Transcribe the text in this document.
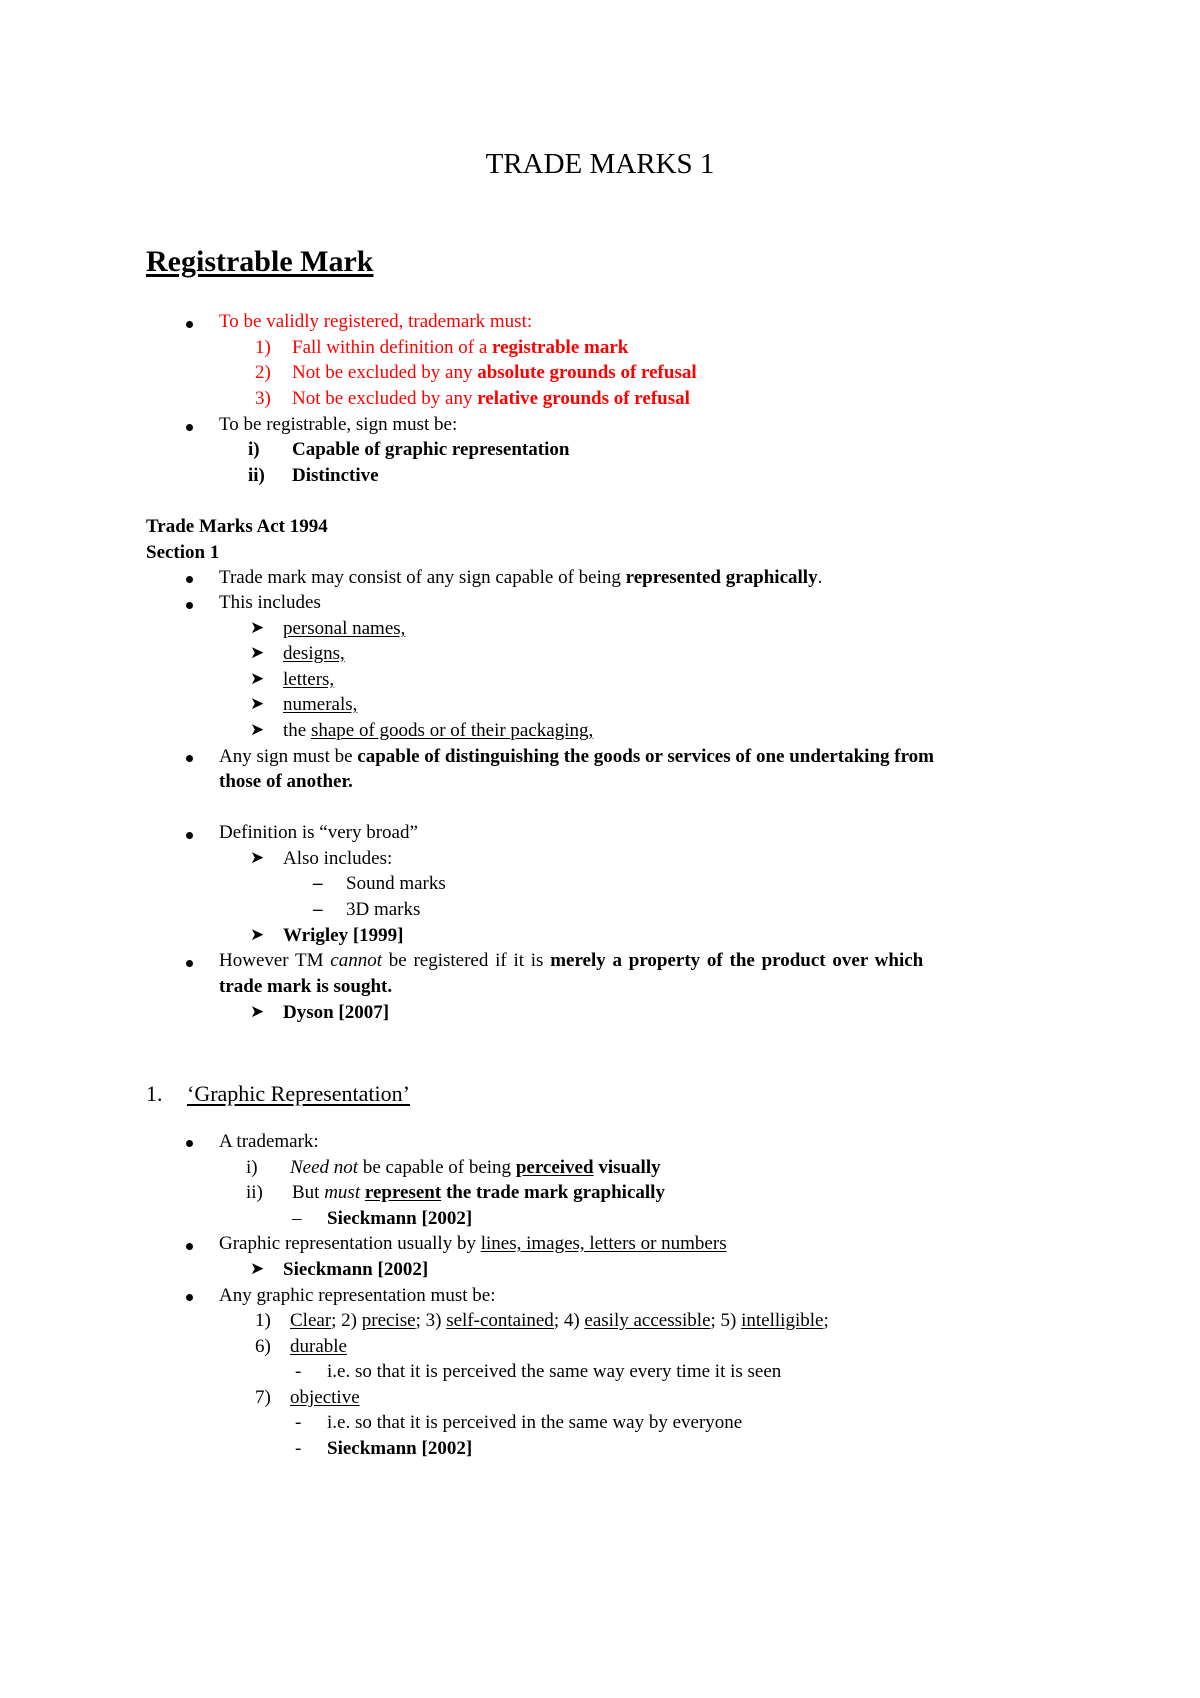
TRADE MARKS 1
Registrable Mark
To be validly registered, trademark must:
1) Fall within definition of a registrable mark
2) Not be excluded by any absolute grounds of refusal
3) Not be excluded by any relative grounds of refusal
To be registrable, sign must be:
i) Capable of graphic representation
ii) Distinctive
Trade Marks Act 1994
Section 1
Trade mark may consist of any sign capable of being represented graphically.
This includes
➤ personal names,
➤ designs,
➤ letters,
➤ numerals,
➤ the shape of goods or of their packaging,
Any sign must be capable of distinguishing the goods or services of one undertaking from
those of another.
Definition is “very broad”
➤ Also includes:
– Sound marks
– 3D marks
➤ Wrigley [1999]
However TM cannot be registered if it is merely a property of the product over which
trade mark is sought.
➤ Dyson [2007]
1. ‘Graphic Representation’
A trademark:
i) Need not be capable of being perceived visually
ii) But must represent the trade mark graphically
– Sieckmann [2002]
Graphic representation usually by lines, images, letters or numbers
➤ Sieckmann [2002]
Any graphic representation must be:
1) Clear; 2) precise; 3) self-contained; 4) easily accessible; 5) intelligible;
6) durable
- i.e. so that it is perceived the same way every time it is seen
7) objective
- i.e. so that it is perceived in the same way by everyone
- Sieckmann [2002]
